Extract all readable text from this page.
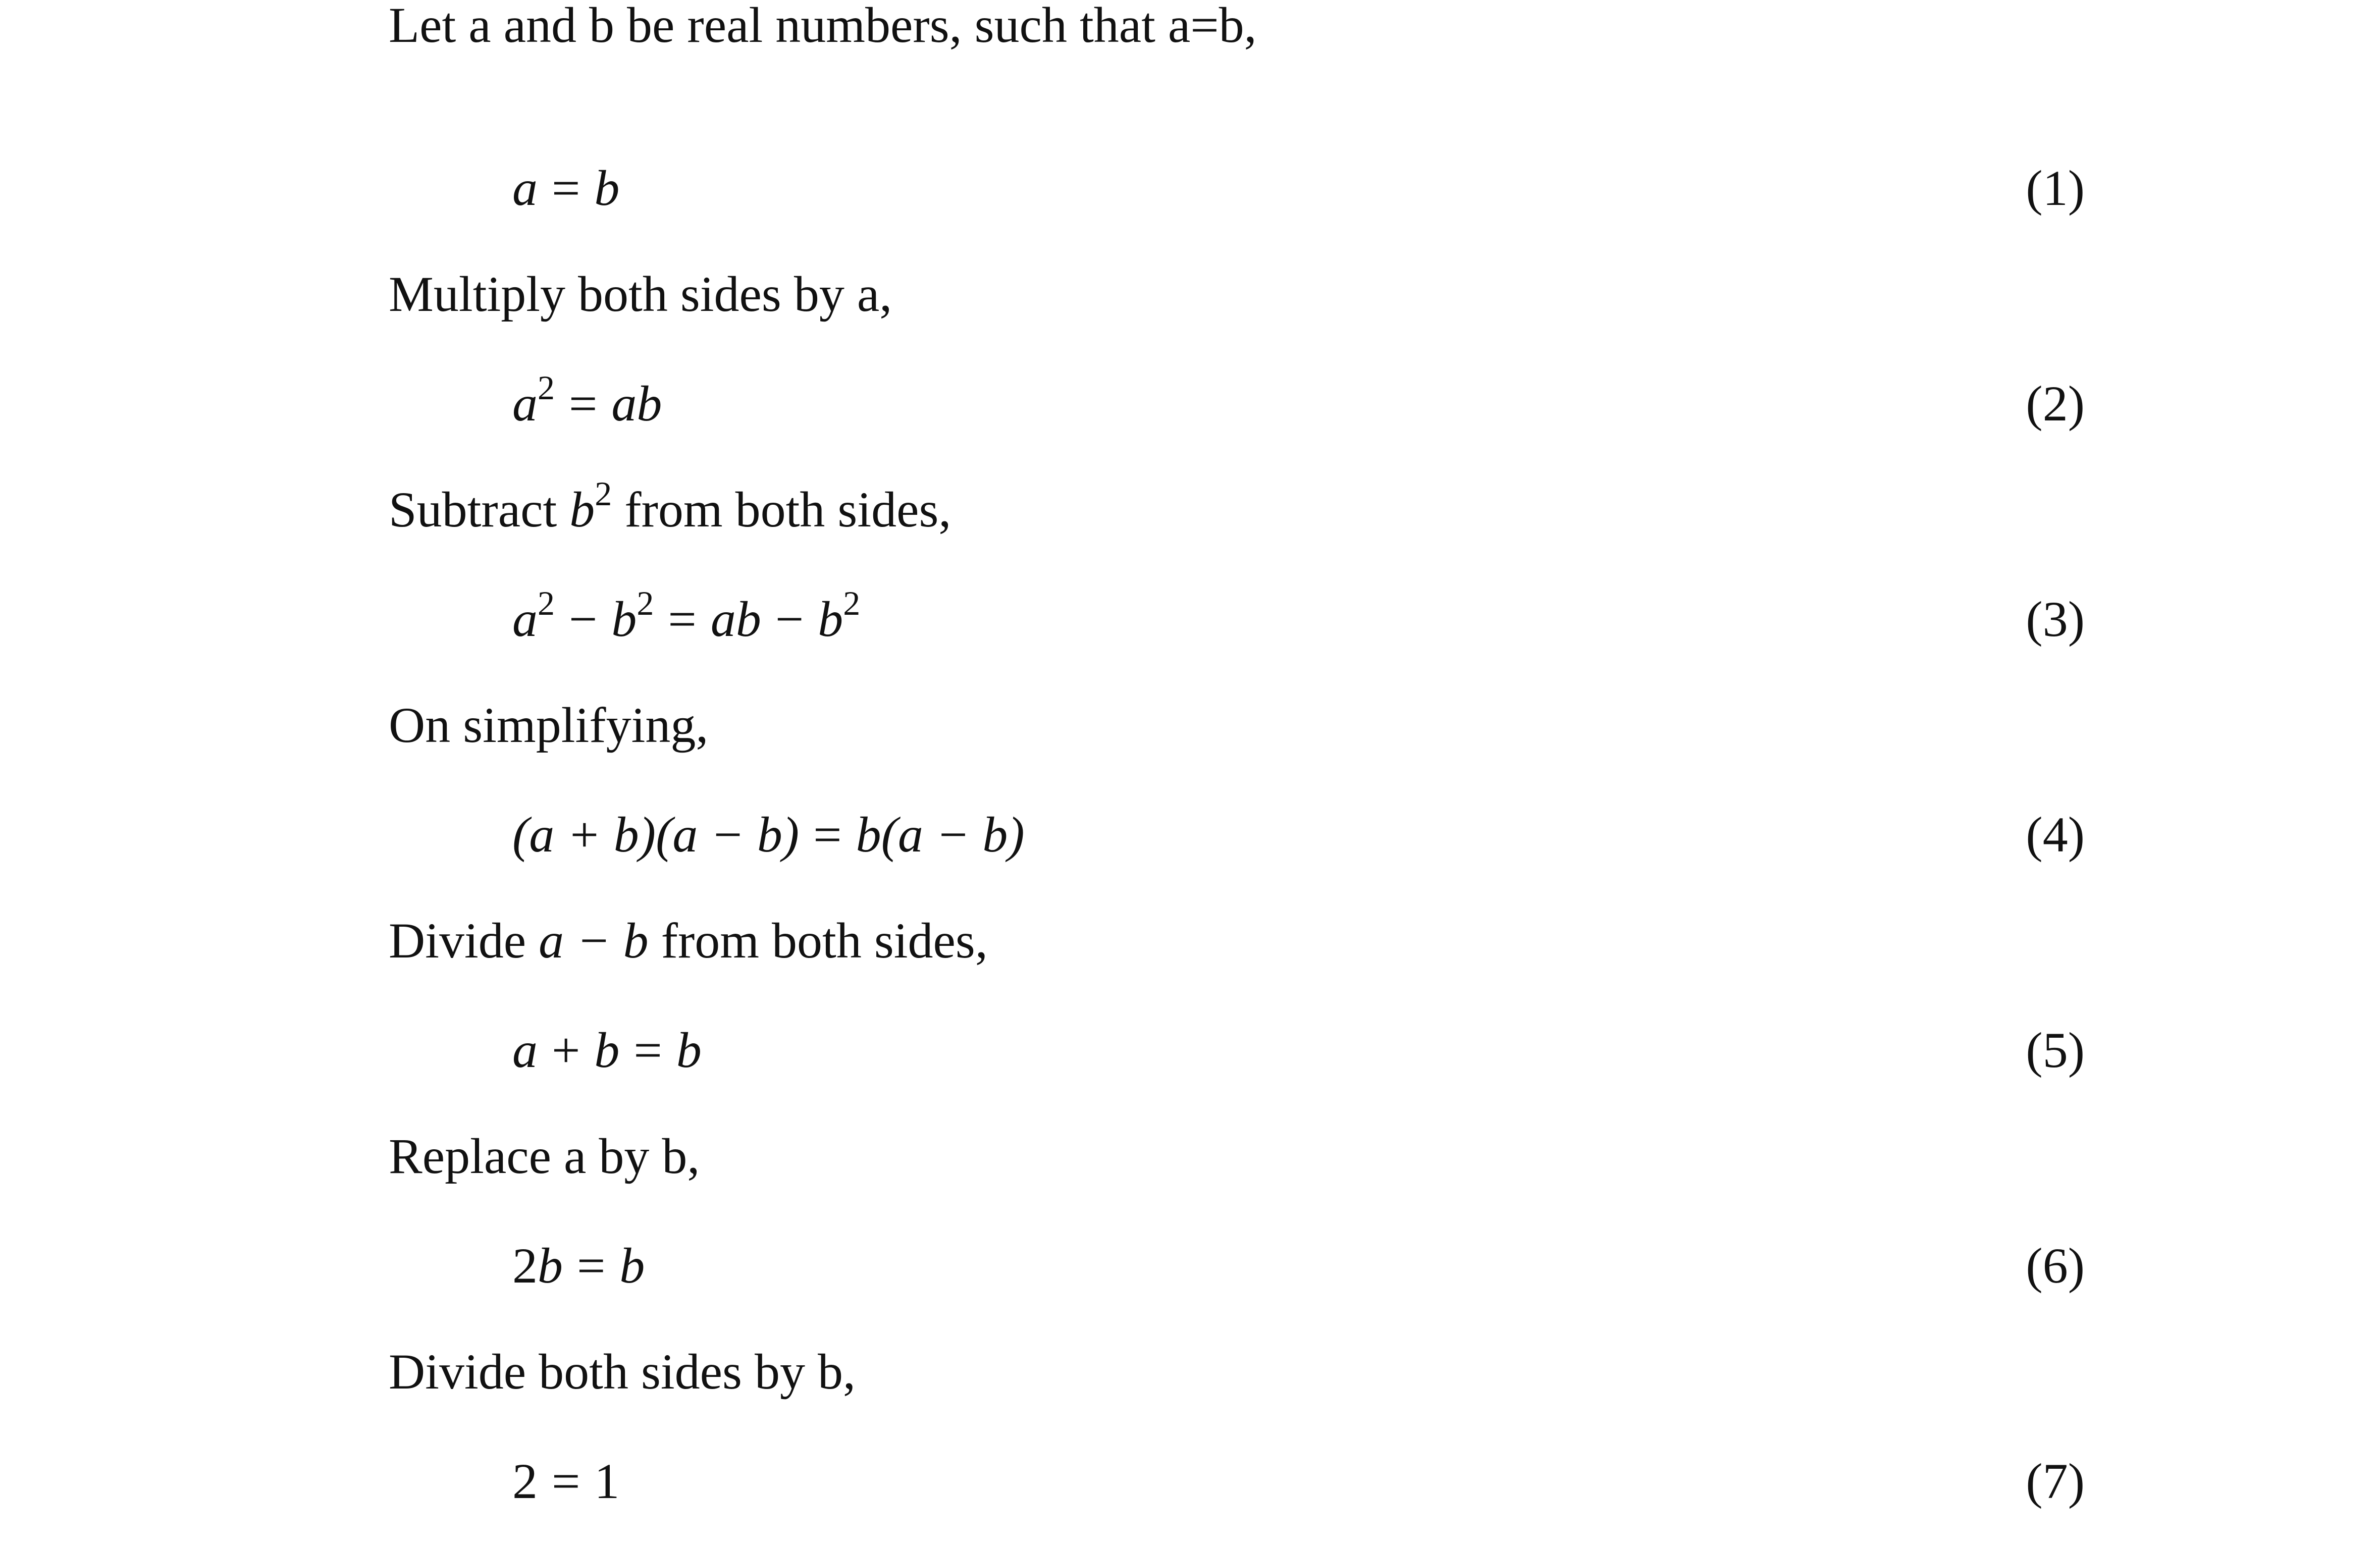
Let a and b be real numbers, such that a=b,
a = b	(1)
Multiply both sides by a,
$a^2$ = ab	(2)
Subtract $b^2$ from both sides,
$a^2 - b^2$ = ab − $b^2$	(3)
On simplifying,
(a + b)(a − b) = b(a − b)	(4)
Divide a − b from both sides,
a + b = b	(5)
Replace a by b,
2b = b	(6)
Divide both sides by b,
2 = 1	(7)
